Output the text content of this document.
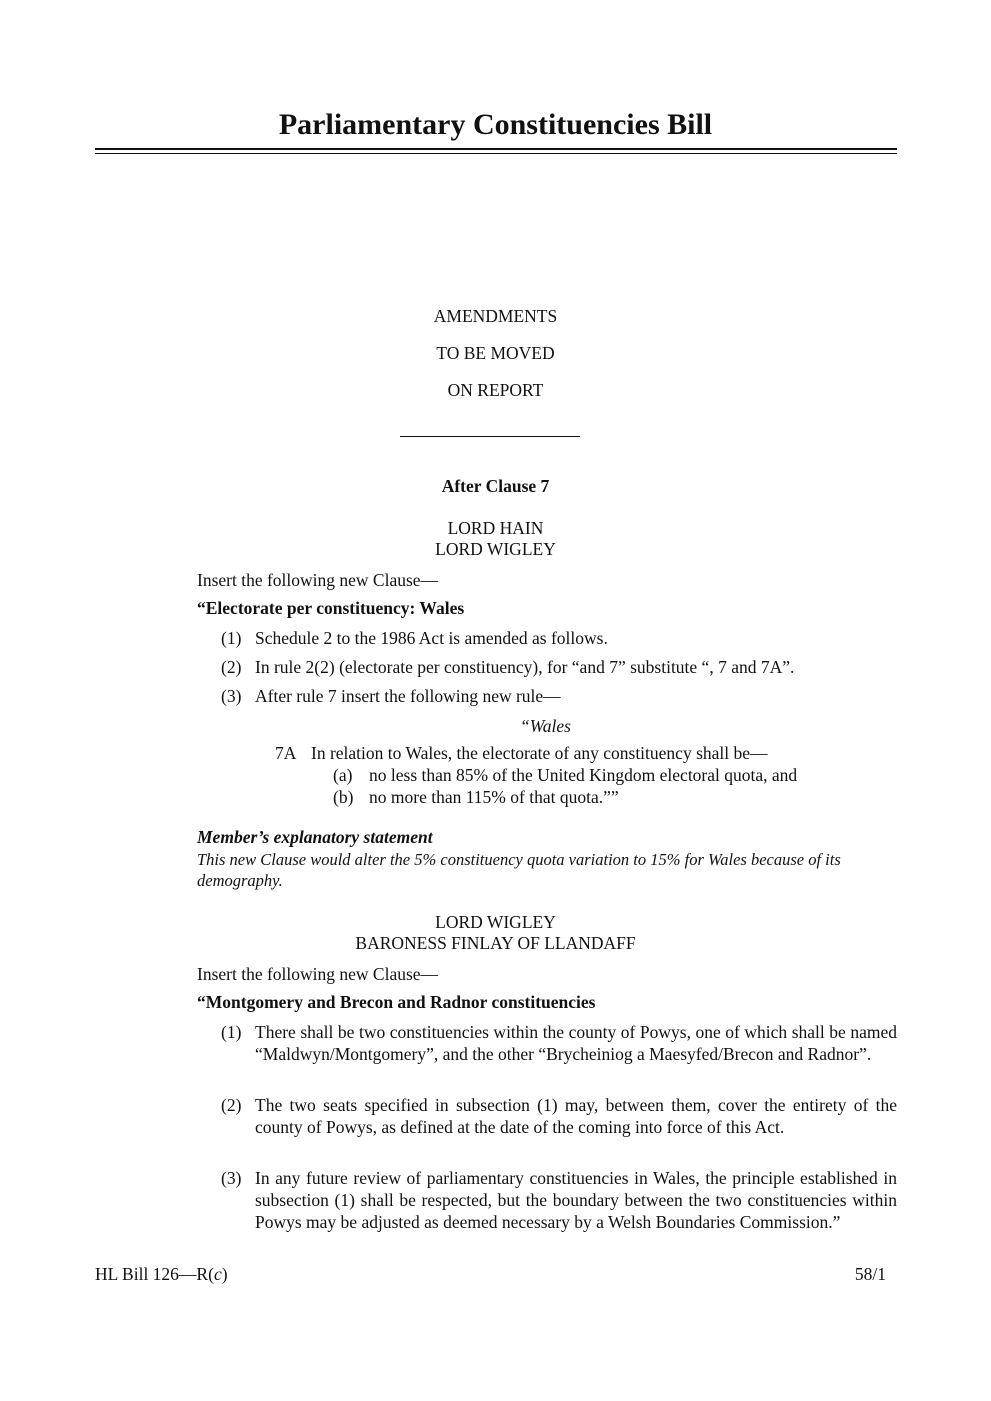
Parliamentary Constituencies Bill
AMENDMENTS
TO BE MOVED
ON REPORT
After Clause 7
LORD HAIN
LORD WIGLEY
Insert the following new Clause—
“Electorate per constituency: Wales
(1) Schedule 2 to the 1986 Act is amended as follows.
(2) In rule 2(2) (electorate per constituency), for “and 7” substitute “, 7 and 7A”.
(3) After rule 7 insert the following new rule—
“Wales
7A In relation to Wales, the electorate of any constituency shall be—
(a) no less than 85% of the United Kingdom electoral quota, and
(b) no more than 115% of that quota.””
Member’s explanatory statement
This new Clause would alter the 5% constituency quota variation to 15% for Wales because of its demography.
LORD WIGLEY
BARONESS FINLAY OF LLANDAFF
Insert the following new Clause—
“Montgomery and Brecon and Radnor constituencies
(1) There shall be two constituencies within the county of Powys, one of which shall be named “Maldwyn/Montgomery”, and the other “Brycheiniog a Maesyfed/Brecon and Radnor”.
(2) The two seats specified in subsection (1) may, between them, cover the entirety of the county of Powys, as defined at the date of the coming into force of this Act.
(3) In any future review of parliamentary constituencies in Wales, the principle established in subsection (1) shall be respected, but the boundary between the two constituencies within Powys may be adjusted as deemed necessary by a Welsh Boundaries Commission.”
HL Bill 126—R(c)	58/1
